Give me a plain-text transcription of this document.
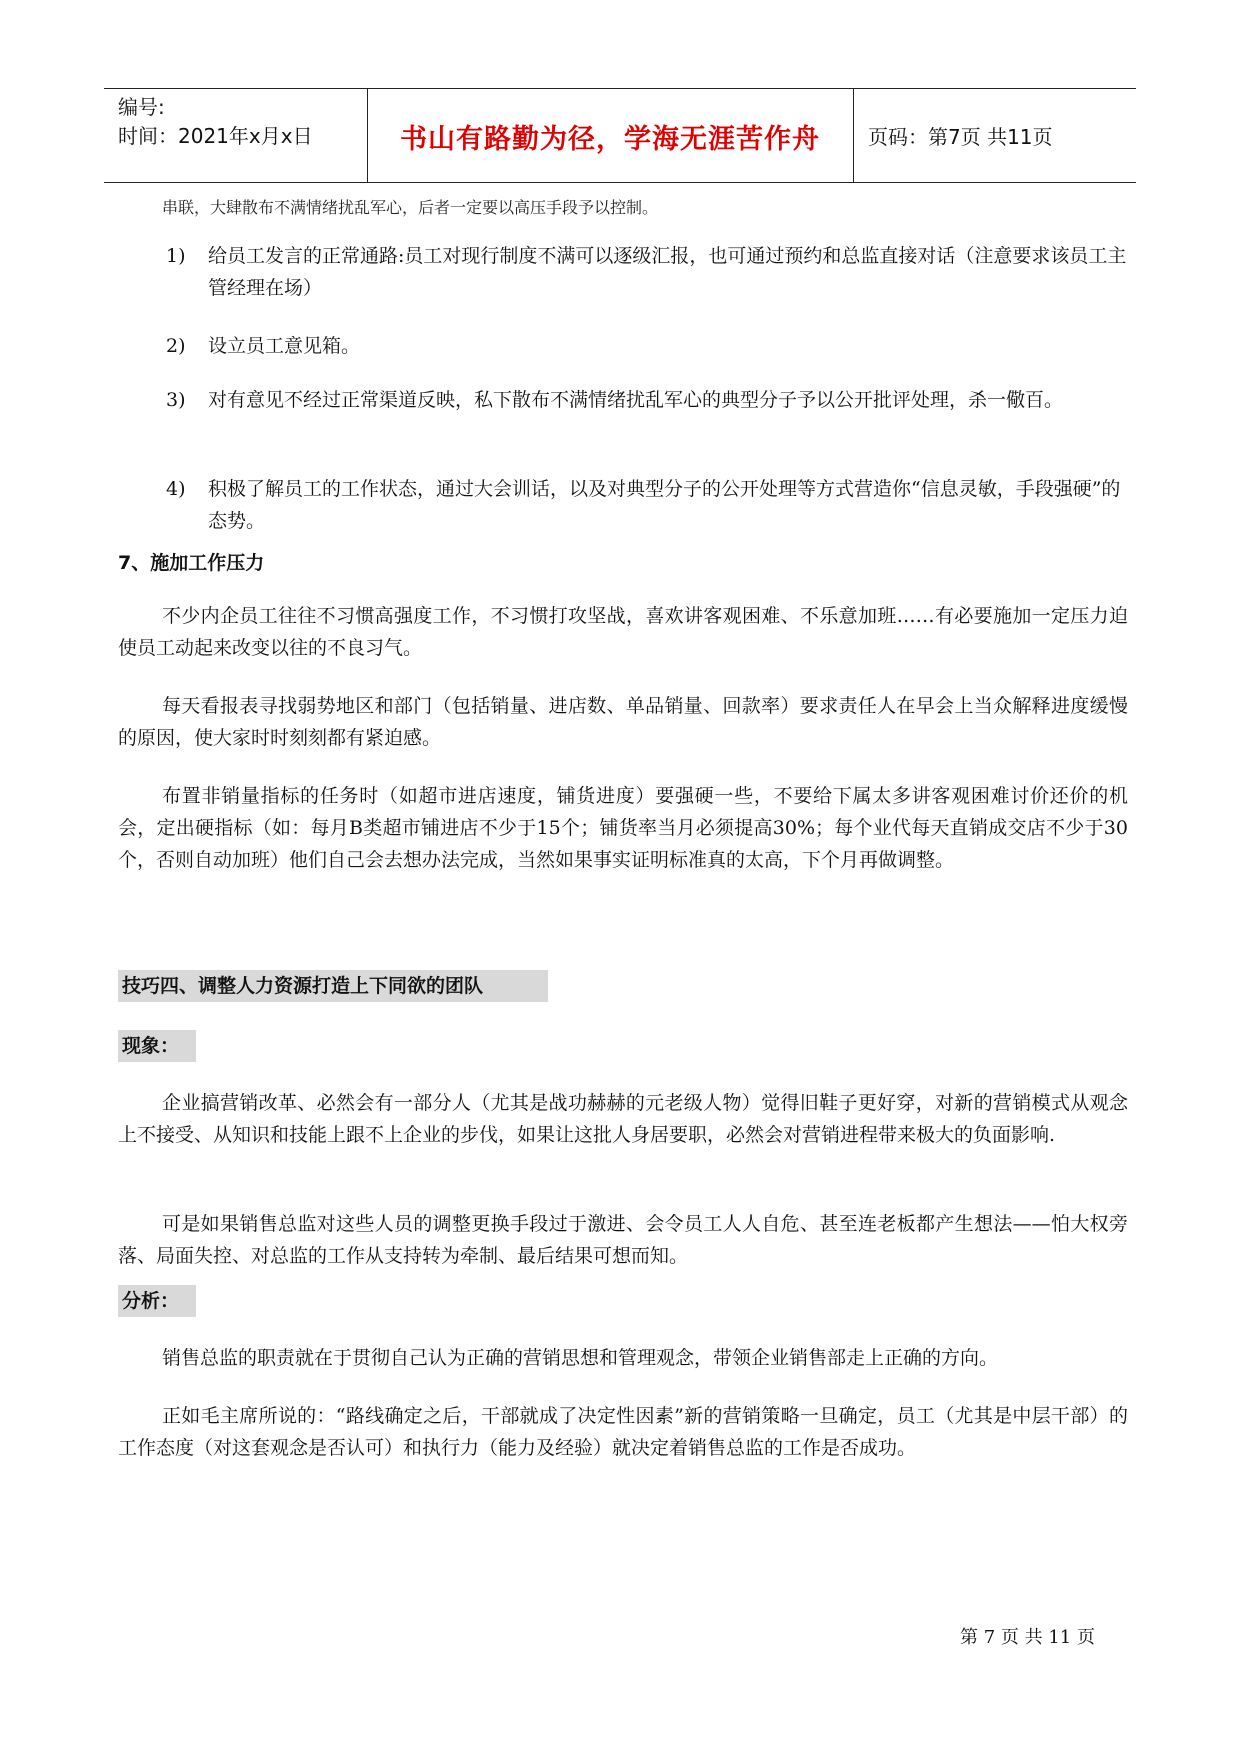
编号:
时间：2021年x月x日	书山有路勤为径，学海无涯苦作舟	页码：第7页 共11页
串联，大肆散布不满情绪扰乱军心，后者一定要以高压手段予以控制。
1) 给员工发言的正常通路:员工对现行制度不满可以逐级汇报，也可通过预约和总监直接对话（注意要求该员工主管经理在场）
2) 设立员工意见箱。
3) 对有意见不经过正常渠道反映，私下散布不满情绪扰乱军心的典型分子予以公开批评处理，杀一儆百。
4) 积极了解员工的工作状态，通过大会训话，以及对典型分子的公开处理等方式营造你“信息灵敏，手段强硬”的态势。
7、施加工作压力
不少内企员工往往不习惯高强度工作，不习惯打攻坚战，喜欢讲客观困难、不乐意加班……有必要施加一定压力迫使员工动起来改变以往的不良习气。
每天看报表寻找弱势地区和部门（包括销量、进店数、单品销量、回款率）要求责任人在早会上当众解释进度缓慢的原因，使大家时时刻刻都有紧迫感。
布置非销量指标的任务时（如超市进店速度，铺货进度）要强硬一些，不要给下属太多讲客观困难讨价还价的机会，定出硬指标（如：每月B类超市铺进店不少于15个；铺货率当月必须提高30%；每个业代每天直销成交店不少于30个，否则自动加班）他们自己会去想办法完成，当然如果事实证明标准真的太高，下个月再做调整。
技巧四、调整人力资源打造上下同欲的团队
现象：
企业搞营销改革、必然会有一部分人（尤其是战功赫赫的元老级人物）觉得旧鞋子更好穿，对新的营销模式从观念上不接受、从知识和技能上跟不上企业的步伐，如果让这批人身居要职，必然会对营销进程带来极大的负面影响.
可是如果销售总监对这些人员的调整更换手段过于激进、会令员工人人自危、甚至连老板都产生想法——怕大权旁落、局面失控、对总监的工作从支持转为牵制、最后结果可想而知。
分析：
销售总监的职责就在于贯彻自己认为正确的营销思想和管理观念，带领企业销售部走上正确的方向。
正如毛主席所说的：“路线确定之后，干部就成了决定性因素”新的营销策略一旦确定，员工（尤其是中层干部）的工作态度（对这套观念是否认可）和执行力（能力及经验）就决定着销售总监的工作是否成功。
第 7 页 共 11 页
